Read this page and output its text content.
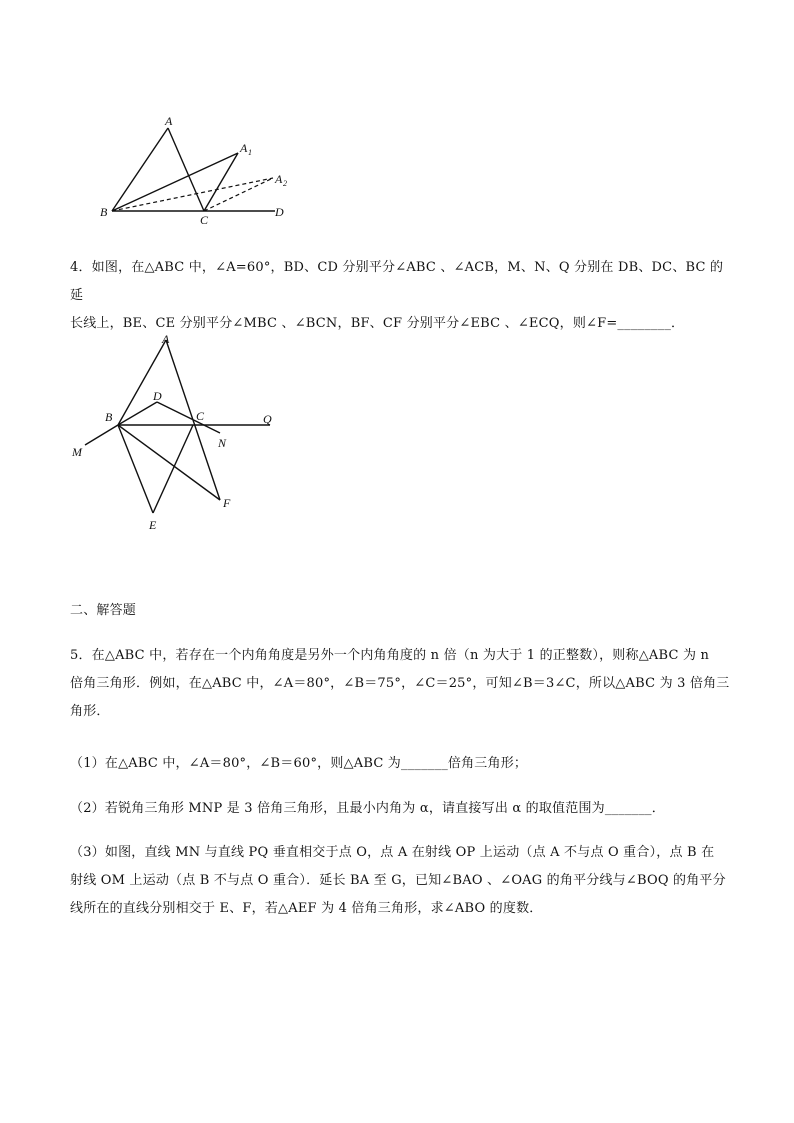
A
A 1
A 2
B
C
D
4．如图，在△ABC 中，∠A=60°，BD、CD 分别平分∠ABC 、∠ACB，M、N、Q 分别在 DB、DC、BC 的延
长线上，BE、CE 分别平分∠MBC 、∠BCN，BF、CF 分别平分∠EBC 、∠ECQ，则∠F=________．
A
B
D
C	Q
N
M
E
F
二、解答题
5．在△ABC 中，若存在一个内角角度是另外一个内角角度的 n 倍（n 为大于 1 的正整数），则称△ABC 为 n
倍角三角形．例如，在△ABC 中，∠A＝80°，∠B＝75°，∠C＝25°，可知∠B＝3∠C，所以△ABC 为 3 倍角三
角形．
（1）在△ABC 中，∠A＝80°，∠B＝60°，则△ABC 为_______倍角三角形；
（2）若锐角三角形 MNP 是 3 倍角三角形，且最小内角为 α，请直接写出 α 的取值范围为_______．
（3）如图，直线 MN 与直线 PQ 垂直相交于点 O，点 A 在射线 OP 上运动（点 A 不与点 O 重合），点 B 在
射线 OM 上运动（点 B 不与点 O 重合）．延长 BA 至 G，已知∠BAO 、∠OAG 的角平分线与∠BOQ 的角平分
线所在的直线分别相交于 E、F，若△AEF 为 4 倍角三角形，求∠ABO 的度数．
